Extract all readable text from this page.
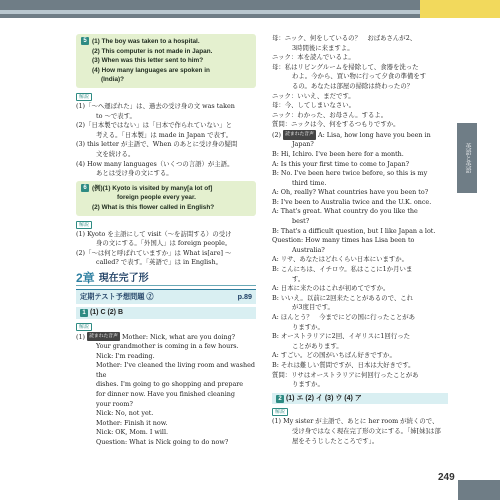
5 (1) The boy was taken to a hospital.
(2) This computer is not made in Japan.
(3) When was this letter sent to him?
(4) How many languages are spoken in
(India)?
解説

(1)「〜へ運ばれた」は、過去の受け身の文 was taken

to 〜で表す。

(2)「日本製ではない」は「日本で作られていない」と

考える。「日本製」は made in Japan で表す。

(3) this letter が主語で、When のあとに受け身の疑問

文を続ける。

(4) How many languages（いくつの言語）が主語。

あとは受け身の文にする。

6 (例)(1) Kyoto is visited by many[a lot of]
foreign people every year.
(2) What is this flower called in English?
解説

(1) Kyoto を主語にして visit（〜を訪問する）の受け

身の文にする。「外国人」は foreign people。

(2)「〜は何と呼ばれていますか」は What is[are] 〜

called? で表す。「英語で」は in English。

2章 現在完了形
定期テスト予想問題 ②	p.89
1 (1) C (2) B
解説

(1) 読まれた音声 Mother: Nick, what are you doing?

Your grandmother is coming in a few hours.

Nick: I'm reading.

Mother: I've cleaned the living room and washed the

dishes. I'm going to go shopping and prepare

for dinner now. Have you finished cleaning

your room?

Nick: No, not yet.

Mother: Finish it now.

Nick: OK, Mom. I will.

Question: What is Nick going to do now?

母：ニック、何をしているの？　おばあさんが2、

3時間後に来ますよ。

ニック：本を読んでいるよ。

母：私はリビングルームを掃除して、食器を洗った

わよ。今から、買い物に行って夕食の準備をす

るの。あなたは部屋の掃除は終わったの？

ニック：いいえ、まだです。

母：今、してしまいなさい。

ニック：わかった、お母さん。するよ。

質問：ニックは今、何をするつもりですか。

(2) 読まれた音声 A: Lisa, how long have you been in

Japan?

B: Hi, Ichiro. I've been here for a month.

A: Is this your first time to come to Japan?

B: No. I've been here twice before, so this is my

third time.

A: Oh, really? What countries have you been to?

B: I've been to Australia twice and the U.K. once.

A: That's great. What country do you like the

best?

B: That's a difficult question, but I like Japan a lot.

Question: How many times has Lisa been to

Australia?

A: リサ、あなたはどれくらい日本にいますか。

B: こんにちは、イチロウ。私はここに1か月いま

す。

A: 日本に来たのはこれが初めてですか。

B: いいえ。以前に2回来たことがあるので、これ

が3度目です。

A: ほんとう？　今までにどの国に行ったことがあ

りますか。

B: オーストラリアに2回、イギリスに1回行った

ことがあります。

A: すごい。どの国がいちばん好きですか。

B: それは難しい質問ですが、日本は大好きです。

質問：リサはオーストラリアに何回行ったことがあ

りますか。

2 (1) エ (2) イ (3) ウ (4) ア
解説

(1) My sister が主語で、あとに her room が続くので、

受け身ではなく現在完了形の文にする。「姉[妹]は部

屋をそうじしたところです」。

英語と英語
249
